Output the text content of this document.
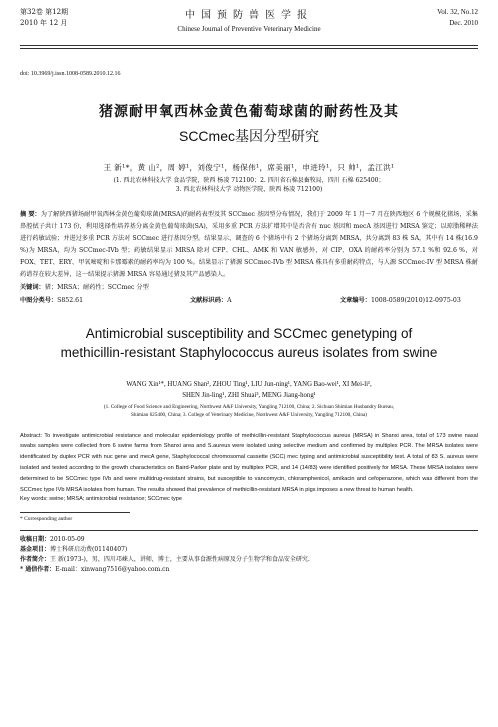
第32卷 第12期
2010 年 12 月
中国预防兽医学报
Chinese Journal of Preventive Veterinary Medicine
Vol. 32, No.12
Dec. 2010
doi: 10.3969/j.issn.1008-0589.2010.12.16
猪源耐甲氧西林金黄色葡萄球菌的耐药性及其
SCCmec基因分型研究
王 新¹*，黄 山²，周 婷¹，刘俊宁¹，杨保伟¹，席美丽¹，申进玲¹，只 帅¹，孟江洪¹
(1. 西北农林科技大学 食品学院，陕西 杨凌 712100；2. 四川省石棉县畜牧局，四川 石棉 625400；
3. 西北农林科技大学 动物医学院，陕西 杨凌 712100)
摘 要：为了解陕西猪场耐甲氧西林金黄色葡萄球菌(MRSA)的耐药表型及其 SCCmec 基因型分布情况，我们于 2009 年 1 月～7 月在陕西地区 6 个规模化猪场，采集鼻腔拭子共计 173 份，利用选择性培养基分离金黄色葡萄球菌(SA)，采用多重 PCR 方法扩增其中是否含有 nuc 基因和 mecA 基因进行 MRSA 鉴定；以琼脂稀释法进行药敏试验；并进过多重 PCR 方法对 SCCmec 进行基因分型。结果显示，调查的 6 个猪场中有 2 个猪场分离到 MRSA，共分离到 83 株 SA，其中有 14 株(16.9 %)为 MRSA，均为 SCCmec-IVb 型；药敏结果显示 MRSA 除对 CFP、CHL、AMK 和 VAN 敏感外，对 CIP、OXA 的耐药率分别为 57.1 %和 92.6 %，对 FOX、TET、ERY、甲氧嘧啶和卡那霉素的耐药率均为 100 %。结果显示了猪源 SCCmec-IVb 型 MRSA 株具有多重耐药特点，与人源 SCCmec-IV 型 MRSA 株耐药谱存在较大差异，这一结果提示猪源 MRSA 容易通过猪及其产品感染人。
关键词：猪；MRSA；耐药性；SCCmec 分型
中图分类号：S852.61	文献标识码：A	文章编号：1008-0589(2010)12-0975-03
Antimicrobial susceptibility and SCCmec genetyping of
methicillin-resistant Staphylococcus aureus isolates from swine
WANG Xin¹*, HUANG Shan², ZHOU Ting¹, LIU Jun-ning¹, YANG Bao-wei¹, XI Mei-li¹,
SHEN Jin-ling¹, ZHI Shuai³, MENG Jiang-hong¹
(1. College of Food Science and Engineering, Northwest A&F University, Yangling 712100, China; 2. Sichuan Shimian Husbandry Bureau,
Shimian 625400, China; 3. College of Veterinary Medicine, Northwest A&F University, Yangling 712100, China)
Abstract: To investigate antimicrobial resistance and molecular epidemiology profile of methicillin-resistant Staphylococcus aureus (MRSA) in Shanxi area, total of 173 swine nasal swabs samples were collected from 6 swine farms from Shanxi area and S.aureus were isolated using selective medium and confirmed by multiplex PCR. The MRSA isolates were identificated by duplex PCR with nuc gene and mecA gene, Staphylococcal chromosomal cassette (SCC) mec typing and antimicrobial susceptibility test. A total of 83 S. aureus were isolated and tested according to the growth characteristics on Baird-Parker plate and by multiplex PCR, and 14 (14/83) were identified positively for MRSA. These MRSA isolates were determined to be SCCmec type IVb and were multidrug-resistant strains, but susceptible to vancomycin, chloramphenicol, amikacin and cefoperazone, which was different from the SCCmec type IVb MRSA isolates from human. The results showed that prevalence of methicillin-resistant MRSA in pigs imposes a new threat to human health.
Key words: swine; MRSA; antimicrobial resistance; SCCmec type
* Corresponding author
收稿日期：2010-05-09
基金项目：博士科研启动费(01140407)
作者简介：王 新(1973-)，男，四川邛崃人，讲师，博士，主要从事食源性病原及分子生物学和食品安全研究.
* 通信作者：E-mail：xinwang7516@yahoo.com.cn
